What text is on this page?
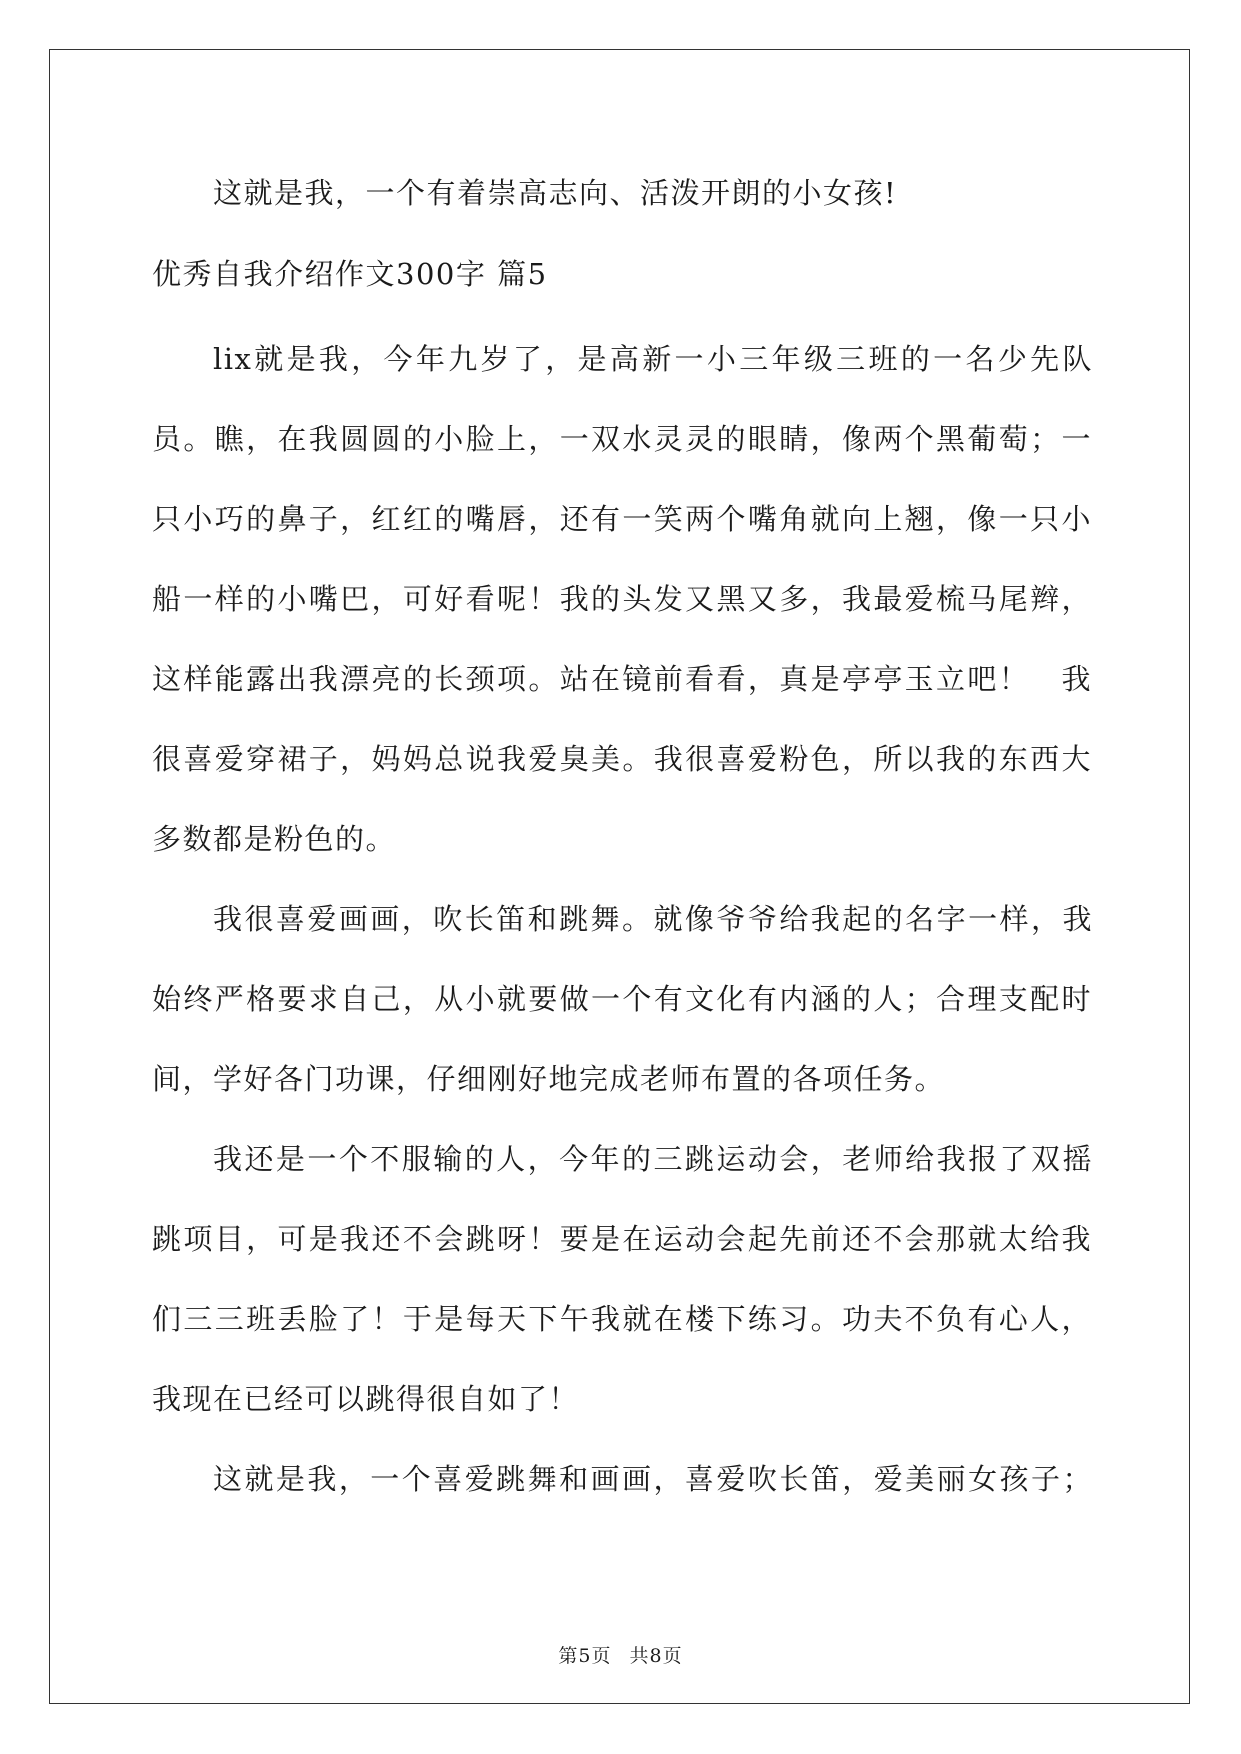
这就是我，一个有着崇高志向、活泼开朗的小女孩!
优秀自我介绍作文300字 篇5
lix就是我，今年九岁了，是高新一小三年级三班的一名少先队
员。瞧，在我圆圆的小脸上，一双水灵灵的眼睛，像两个黑葡萄；一
只小巧的鼻子，红红的嘴唇，还有一笑两个嘴角就向上翘，像一只小
船一样的小嘴巴，可好看呢！我的头发又黑又多，我最爱梳马尾辫，
这样能露出我漂亮的长颈项。站在镜前看看，真是亭亭玉立吧！　我
很喜爱穿裙子，妈妈总说我爱臭美。我很喜爱粉色，所以我的东西大
多数都是粉色的。
我很喜爱画画，吹长笛和跳舞。就像爷爷给我起的名字一样，我
始终严格要求自己，从小就要做一个有文化有内涵的人；合理支配时
间，学好各门功课，仔细刚好地完成老师布置的各项任务。
我还是一个不服输的人，今年的三跳运动会，老师给我报了双摇
跳项目，可是我还不会跳呀！要是在运动会起先前还不会那就太给我
们三三班丢脸了！于是每天下午我就在楼下练习。功夫不负有心人，
我现在已经可以跳得很自如了！
这就是我，一个喜爱跳舞和画画，喜爱吹长笛，爱美丽女孩子；
第5页 共8页
